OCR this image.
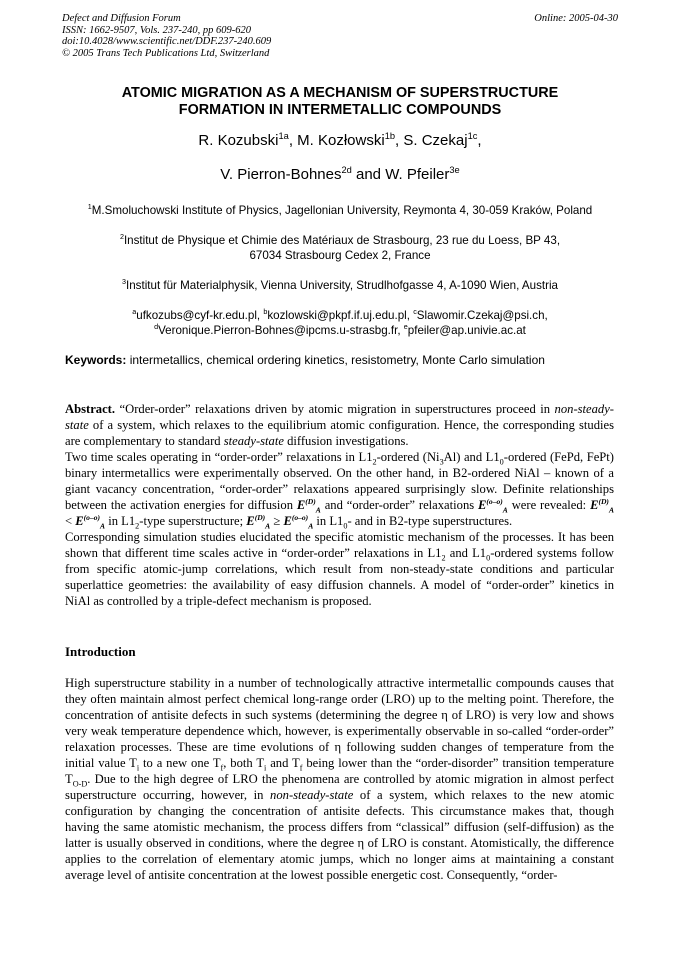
Defect and Diffusion Forum
ISSN: 1662-9507, Vols. 237-240, pp 609-620
doi:10.4028/www.scientific.net/DDF.237-240.609
© 2005 Trans Tech Publications Ltd, Switzerland
Online: 2005-04-30
ATOMIC MIGRATION AS A MECHANISM OF SUPERSTRUCTURE
FORMATION IN INTERMETALLIC COMPOUNDS
R. Kozubski$^{1a}$, M. Kozłowski$^{1b}$, S. Czekaj$^{1c}$,
V. Pierron-Bohnes$^{2d}$ and W. Pfeiler$^{3e}$
$^1$M.Smoluchowski Institute of Physics, Jagellonian University, Reymonta 4, 30-059 Kraków, Poland
$^2$Institut de Physique et Chimie des Matériaux de Strasbourg, 23 rue du Loess, BP 43,
67034 Strasbourg Cedex 2, France
$^3$Institut für Materialphysik, Vienna University, Strudlhofgasse 4, A-1090 Wien, Austria
$^a$ufkozubs@cyf-kr.edu.pl, $^b$kozlowski@pkpf.if.uj.edu.pl, $^c$Slawomir.Czekaj@psi.ch,
$^d$Veronique.Pierron-Bohnes@ipcms.u-strasbg.fr, $^e$pfeiler@ap.univie.ac.at
Keywords: intermetallics, chemical ordering kinetics, resistometry, Monte Carlo simulation

Abstract. “Order-order” relaxations driven by atomic migration in superstructures proceed in non-steady-state of a system, which relaxes to the equilibrium atomic configuration. Hence, the corresponding studies are complementary to standard steady-state diffusion investigations.

Two time scales operating in “order-order” relaxations in $L1_2$-ordered $(Ni_3Al)$ and $L1_0$-ordered (FePd, FePt) binary intermetallics were experimentally observed. On the other hand, in B2-ordered NiAl – known of a giant vacancy concentration, “order-order” relaxations appeared surprisingly slow. Definite relationships between the activation energies for diffusion $E^{(D)}_A$ and “order-order” relaxations $E^{(o-o)}_A$ were revealed: $E^{(D)}_A < E^{(o-o)}_A$ in $L1_2$-type superstructure; $E^{(D)}_A \ge E^{(o-o)}_A$ in $L1_0-$ and in B2-type superstructures.

Corresponding simulation studies elucidated the specific atomistic mechanism of the processes. It has been shown that different time scales active in “order-order” relaxations in $L1_2$ and $L1_0$-ordered systems follow from specific atomic-jump correlations, which result from non-steady-state conditions and particular superlattice geometries: the availability of easy diffusion channels. A model of “order-order” kinetics in NiAl as controlled by a triple-defect mechanism is proposed.

Introduction

High superstructure stability in a number of technologically attractive intermetallic compounds causes that they often maintain almost perfect chemical long-range order (LRO) up to the melting point. Therefore, the concentration of antisite defects in such systems (determining the degree η of LRO) is very low and shows very weak temperature dependence which, however, is experimentally observable in so-called “order-order” relaxation processes. These are time evolutions of η following sudden changes of temperature from the initial value $T_i$ to a new one $T_f$, both $T_i$ and $T_f$ being lower than the “order-disorder” transition temperature $T_{O-D}$. Due to the high degree of LRO the phenomena are controlled by atomic migration in almost perfect superstructure occurring, however, in non-steady-state of a system, which relaxes to the new atomic configuration by changing the concentration of antisite defects. This circumstance makes that, though having the same atomistic mechanism, the process differs from “classical” diffusion (self-diffusion) as the latter is usually observed in conditions, where the degree η of LRO is constant. Atomistically, the difference applies to the correlation of elementary atomic jumps, which no longer aims at maintaining a constant average level of antisite concentration at the lowest possible energetic cost. Consequently, “order-
